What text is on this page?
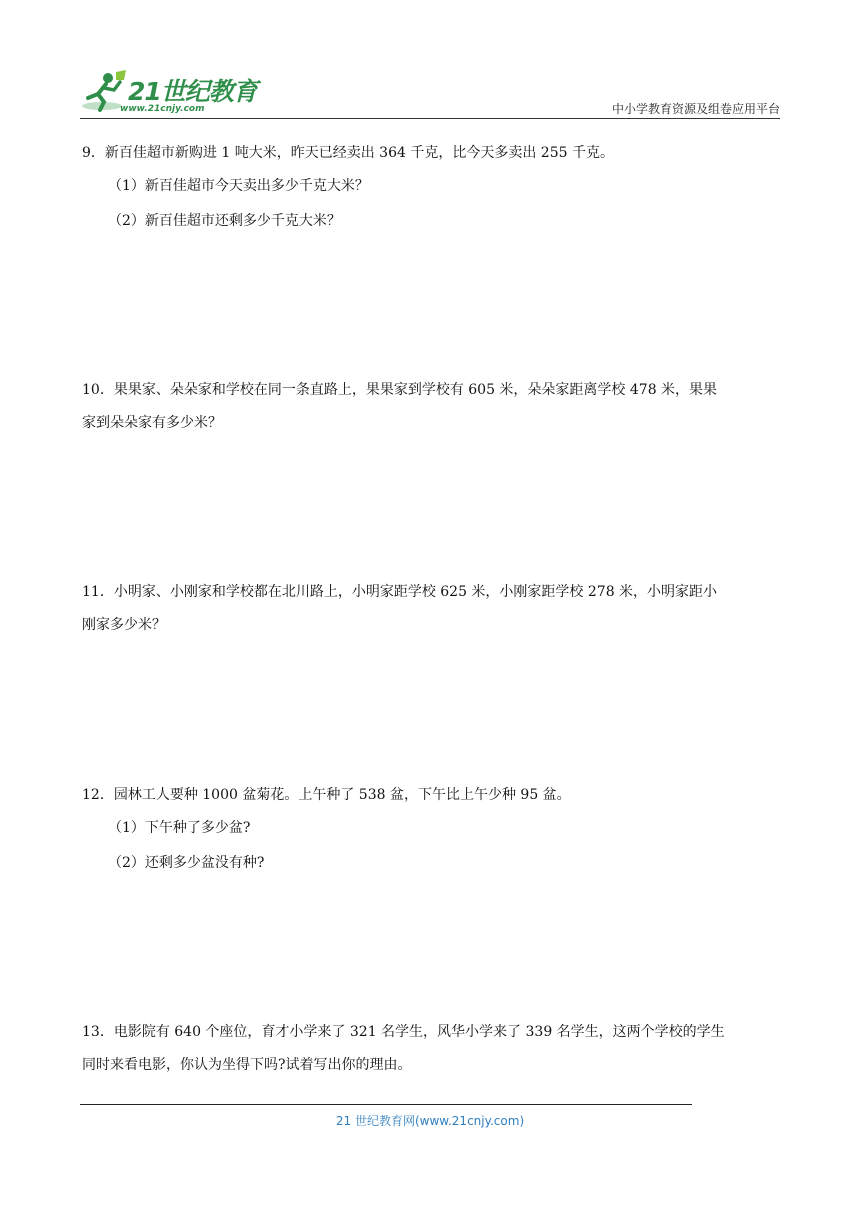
21世纪教育
www.21cnjy.com	中小学教育资源及组卷应用平台
9．新百佳超市新购进 1 吨大米，昨天已经卖出 364 千克，比今天多卖出 255 千克。
（1）新百佳超市今天卖出多少千克大米？
（2）新百佳超市还剩多少千克大米？
10．果果家、朵朵家和学校在同一条直路上，果果家到学校有 605 米，朵朵家距离学校 478 米，果果
家到朵朵家有多少米？
11．小明家、小刚家和学校都在北川路上，小明家距学校 625 米，小刚家距学校 278 米，小明家距小
刚家多少米？
12．园林工人要种 1000 盆菊花。上午种了 538 盆，下午比上午少种 95 盆。
（1）下午种了多少盆?
（2）还剩多少盆没有种?
13．电影院有 640 个座位，育才小学来了 321 名学生，风华小学来了 339 名学生，这两个学校的学生
同时来看电影，你认为坐得下吗?试着写出你的理由。
21 世纪教育网(www.21cnjy.com)
